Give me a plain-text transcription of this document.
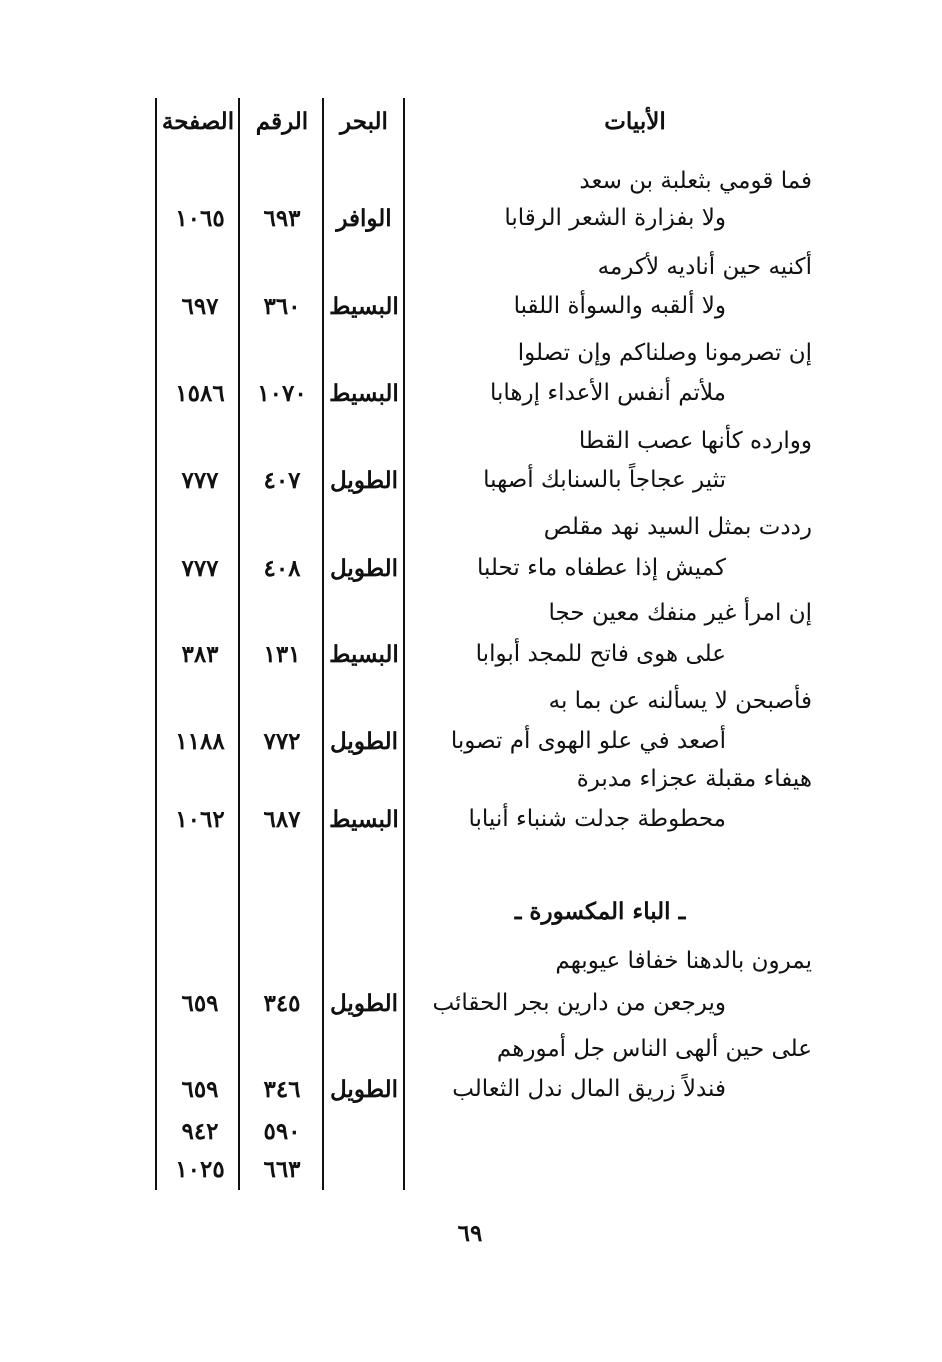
الأبيات
البحر
الرقم
الصفحة
فما قومي بثعلبة بن سعد
ولا بفزارة الشعر الرقابا
الوافر
٦٩٣
١٠٦٥
أكنيه حين أناديه لأكرمه
ولا ألقبه والسوأة اللقبا
البسيط
٣٦٠
٦٩٧
إن تصرمونا وصلناكم وإن تصلوا
ملأتم أنفس الأعداء إرهابا
البسيط
١٠٧٠
١٥٨٦
ووارده كأنها عصب القطا
تثير عجاجاً بالسنابك أصهبا
الطويل
٤٠٧
٧٧٧
رددت بمثل السيد نهد مقلص
كميش إذا عطفاه ماء تحلبا
الطويل
٤٠٨
٧٧٧
إن امرأ غير منفك معين حجا
على هوى فاتح للمجد أبوابا
البسيط
١٣١
٣٨٣
فأصبحن لا يسألنه عن بما به
أصعد في علو الهوى أم تصوبا
الطويل
٧٧٢
١١٨٨
هيفاء مقبلة عجزاء مدبرة
محطوطة جدلت شنباء أنيابا
البسيط
٦٨٧
١٠٦٢
ـ الباء المكسورة ـ
يمرون بالدهنا خفافا عيوبهم
ويرجعن من دارين بجر الحقائب
الطويل
٣٤٥
٦٥٩
على حين ألهى الناس جل أمورهم
فندلاً زريق المال ندل الثعالب
الطويل
٣٤٦
٦٥٩
٥٩٠
٩٤٢
٦٦٣
١٠٢٥
٦٩
